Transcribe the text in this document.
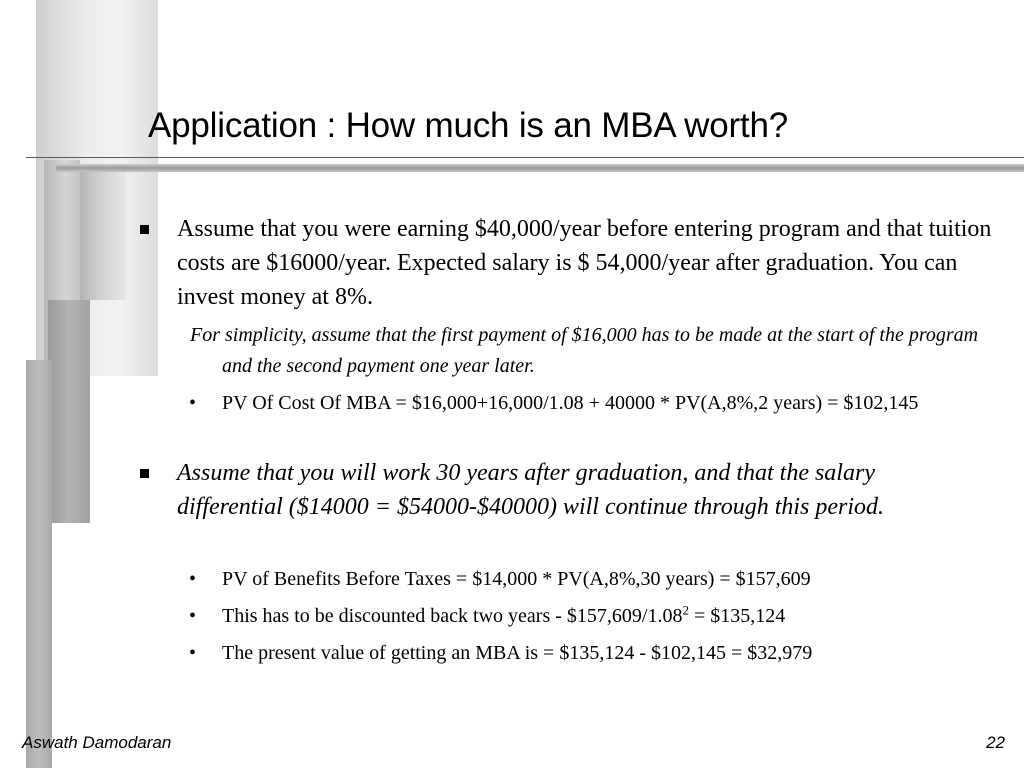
Application : How much is an MBA worth?
Assume that you were earning $40,000/year before entering program and that tuition costs are $16000/year. Expected salary is $ 54,000/year after graduation. You can invest money at 8%.
For simplicity, assume that the first payment of $16,000 has to be made at the start of the program and the second payment one year later.
• PV Of Cost Of MBA = $16,000+16,000/1.08 + 40000 * PV(A,8%,2 years) = $102,145
Assume that you will work 30 years after graduation, and that the salary differential ($14000 = $54000-$40000) will continue through this period.
• PV of Benefits Before Taxes = $14,000 * PV(A,8%,30 years) = $157,609
• This has to be discounted back two years - $\$157,609/1.08^2$ = $135,124
• The present value of getting an MBA is = $135,124 - $102,145 = $32,979
Aswath Damodaran	22
